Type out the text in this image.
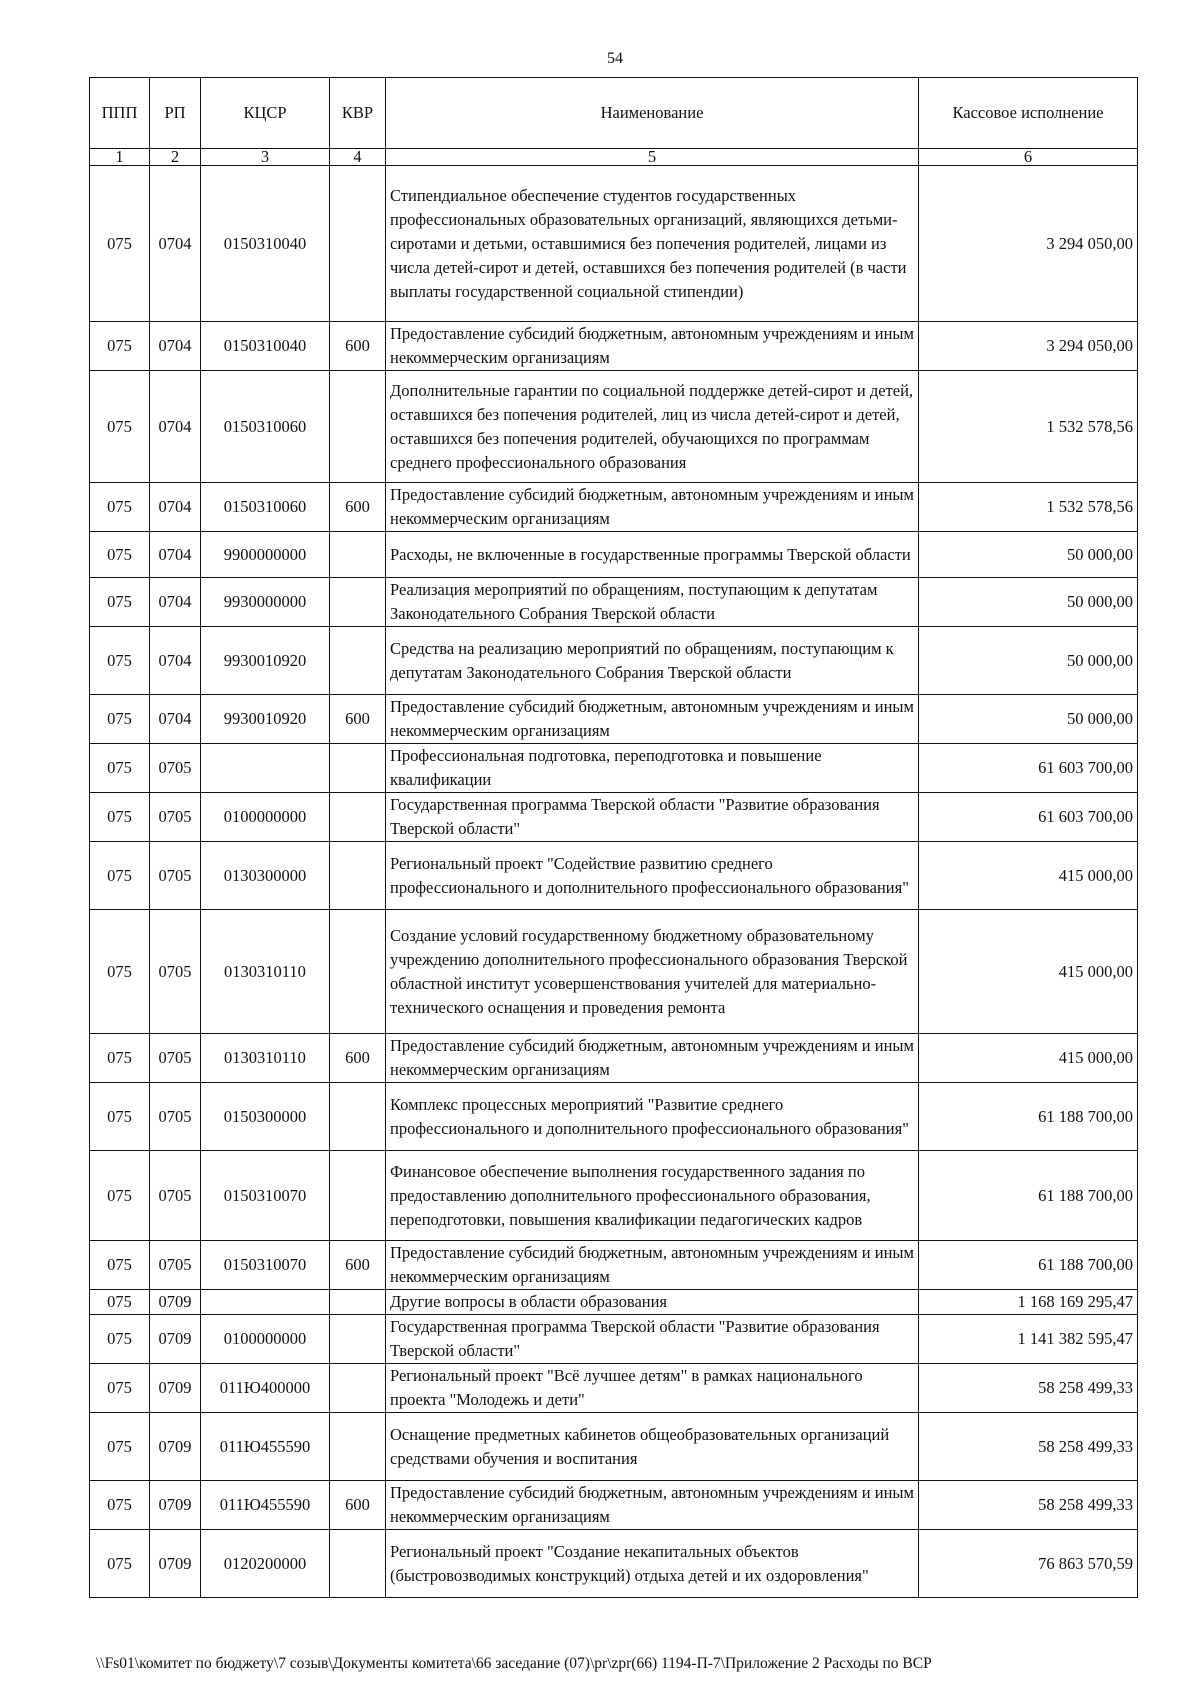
54
ППП	РП	КЦСР	КВР	Наименование	Кассовое исполнение
1	2	3	4	5	6
075	0704	0150310040		Стипендиальное обеспечение студентов государственных профессиональных образовательных организаций, являющихся детьми-сиротами и детьми, оставшимися без попечения родителей, лицами из числа детей-сирот и детей, оставшихся без попечения родителей (в части выплаты государственной социальной стипендии)	3 294 050,00
075	0704	0150310040	600	Предоставление субсидий бюджетным, автономным учреждениям и иным некоммерческим организациям	3 294 050,00
075	0704	0150310060		Дополнительные гарантии по социальной поддержке детей-сирот и детей, оставшихся без попечения родителей, лиц из числа детей-сирот и детей, оставшихся без попечения родителей, обучающихся по программам среднего профессионального образования	1 532 578,56
075	0704	0150310060	600	Предоставление субсидий бюджетным, автономным учреждениям и иным некоммерческим организациям	1 532 578,56
075	0704	9900000000		Расходы, не включенные в государственные программы Тверской области	50 000,00
075	0704	9930000000		Реализация мероприятий по обращениям, поступающим к депутатам Законодательного Собрания Тверской области	50 000,00
075	0704	9930010920		Средства на реализацию мероприятий по обращениям, поступающим к депутатам Законодательного Собрания Тверской области	50 000,00
075	0704	9930010920	600	Предоставление субсидий бюджетным, автономным учреждениям и иным некоммерческим организациям	50 000,00
075	0705			Профессиональная подготовка, переподготовка и повышение квалификации	61 603 700,00
075	0705	0100000000		Государственная программа Тверской области "Развитие образования Тверской области"	61 603 700,00
075	0705	0130300000		Региональный проект "Содействие развитию среднего профессионального и дополнительного профессионального образования"	415 000,00
075	0705	0130310110		Создание условий государственному бюджетному образовательному учреждению дополнительного профессионального образования Тверской областной институт усовершенствования учителей для материально-технического оснащения и проведения ремонта	415 000,00
075	0705	0130310110	600	Предоставление субсидий бюджетным, автономным учреждениям и иным некоммерческим организациям	415 000,00
075	0705	0150300000		Комплекс процессных мероприятий "Развитие среднего профессионального и дополнительного профессионального образования"	61 188 700,00
075	0705	0150310070		Финансовое обеспечение выполнения государственного задания по предоставлению дополнительного профессионального образования, переподготовки, повышения квалификации педагогических кадров	61 188 700,00
075	0705	0150310070	600	Предоставление субсидий бюджетным, автономным учреждениям и иным некоммерческим организациям	61 188 700,00
075	0709			Другие вопросы в области образования	1 168 169 295,47
075	0709	0100000000		Государственная программа Тверской области "Развитие образования Тверской области"	1 141 382 595,47
075	0709	011Ю400000		Региональный проект "Всё лучшее детям" в рамках национального проекта "Молодежь и дети"	58 258 499,33
075	0709	011Ю455590		Оснащение предметных кабинетов общеобразовательных организаций средствами обучения и воспитания	58 258 499,33
075	0709	011Ю455590	600	Предоставление субсидий бюджетным, автономным учреждениям и иным некоммерческим организациям	58 258 499,33
075	0709	0120200000		Региональный проект "Создание некапитальных объектов (быстровозводимых конструкций) отдыха детей и их оздоровления"	76 863 570,59
\\Fs01\комитет по бюджету\7 созыв\Документы комитета\66 заседание (07)\pr\zpr(66) 1194-П-7\Приложение 2 Расходы по ВСР
